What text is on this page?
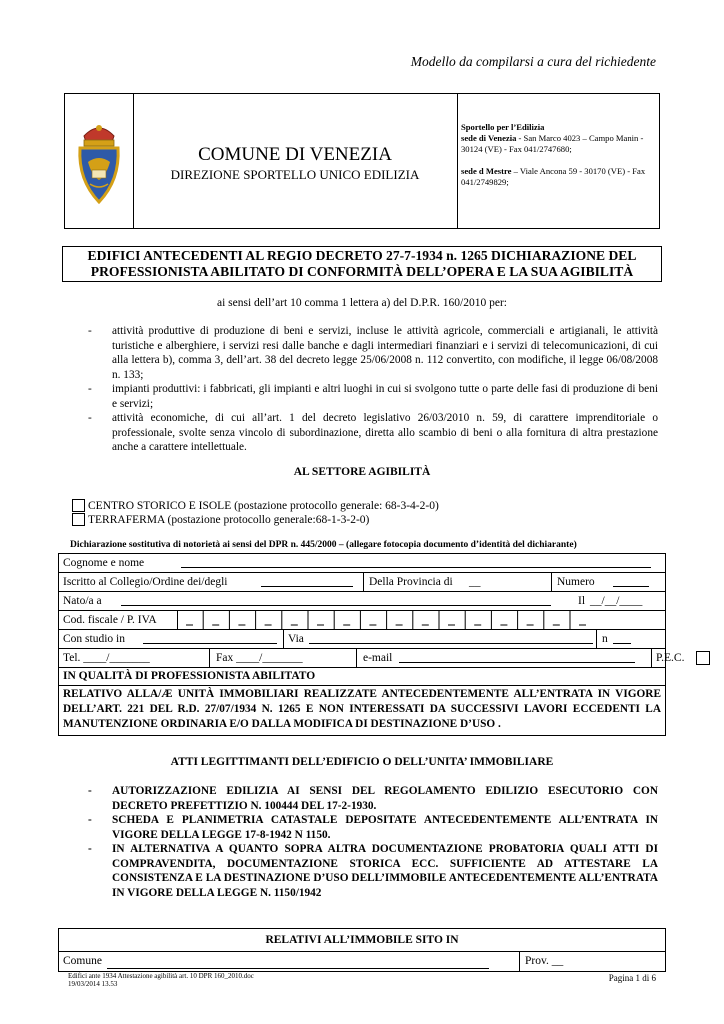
Modello da compilarsi a cura del richiedente
COMUNE DI VENEZIA
DIREZIONE SPORTELLO UNICO EDILIZIA

Sportello per l’Edilizia

sede di Venezia - San Marco 4023 – Campo Manin - 30124 (VE) - Fax 041/2747680;

sede d Mestre – Viale Ancona 59 - 30170 (VE) - Fax 041/2749829;

EDIFICI ANTECEDENTI AL REGIO DECRETO 27-7-1934 n. 1265 DICHIARAZIONE DEL
PROFESSIONISTA ABILITATO DI CONFORMITÀ DELL’OPERA E LA SUA AGIBILITÀ
ai sensi dell’art 10 comma 1 lettera a) del D.P.R. 160/2010 per:
- attività produttive di produzione di beni e servizi, incluse le attività agricole, commerciali e artigianali, le attività turistiche e alberghiere, i servizi resi dalle banche e dagli intermediari finanziari e i servizi di telecomunicazioni, di cui alla lettera b), comma 3, dell’art. 38 del decreto legge 25/06/2008 n. 112 convertito, con modifiche, il legge 06/08/2008 n. 133;
- impianti produttivi: i fabbricati, gli impianti e altri luoghi in cui si svolgono tutte o parte delle fasi di produzione di beni e servizi;
- attività economiche, di cui all’art. 1 del decreto legislativo 26/03/2010 n. 59, di carattere imprenditoriale o professionale, svolte senza vincolo di subordinazione, diretta allo scambio di beni o alla fornitura di altra prestazione anche a carattere intellettuale.
AL SETTORE AGIBILITÀ
CENTRO STORICO E ISOLE (postazione protocollo generale: 68-3-4-2-0)
TERRAFERMA (postazione protocollo generale:68-1-3-2-0)
Dichiarazione sostitutiva di notorietà ai sensi del DPR n. 445/2000 – (allegare fotocopia documento d’identità del dichiarante)
Cognome e nome
Iscritto al Collegio/Ordine dei/degli	Della Provincia di __	Numero
Nato/a a	Il __/__/____
Cod. fiscale / P. IVA
Con studio in	Via	n
Tel. ____/_______	Fax ____/_______	e-mail	P.E.C.
IN QUALITÀ DI PROFESSIONISTA ABILITATO
RELATIVO ALLA/Æ UNITÀ IMMOBILIARI REALIZZATE ANTECEDENTEMENTE ALL’ENTRATA IN VIGORE DELL’ART. 221 DEL R.D. 27/07/1934 N. 1265 E NON INTERESSATI DA SUCCESSIVI LAVORI ECCEDENTI LA MANUTENZIONE ORDINARIA E/O DALLA MODIFICA DI DESTINAZIONE D’USO .
ATTI LEGITTIMANTI DELL’EDIFICIO O DELL’UNITA’ IMMOBILIARE
- AUTORIZZAZIONE EDILIZIA AI SENSI DEL REGOLAMENTO EDILIZIO ESECUTORIO CON DECRETO PREFETTIZIO N. 100444 DEL 17-2-1930.
- SCHEDA E PLANIMETRIA CATASTALE DEPOSITATE ANTECEDENTEMENTE ALL’ENTRATA IN VIGORE DELLA LEGGE 17-8-1942 N 1150.
- IN ALTERNATIVA A QUANTO SOPRA ALTRA DOCUMENTAZIONE PROBATORIA QUALI ATTI DI COMPRAVENDITA, DOCUMENTAZIONE STORICA ECC. SUFFICIENTE AD ATTESTARE LA CONSISTENZA E LA DESTINAZIONE D’USO DELL’IMMOBILE ANTECEDENTEMENTE ALL’ENTRATA IN VIGORE DELLA LEGGE N. 1150/1942
RELATIVI ALL’IMMOBILE SITO IN
Comune	Prov. __
Edifici ante 1934 Attestazione agibilità art. 10 DPR 160_2010.doc
19/03/2014 13.53
Pagina 1 di 6
